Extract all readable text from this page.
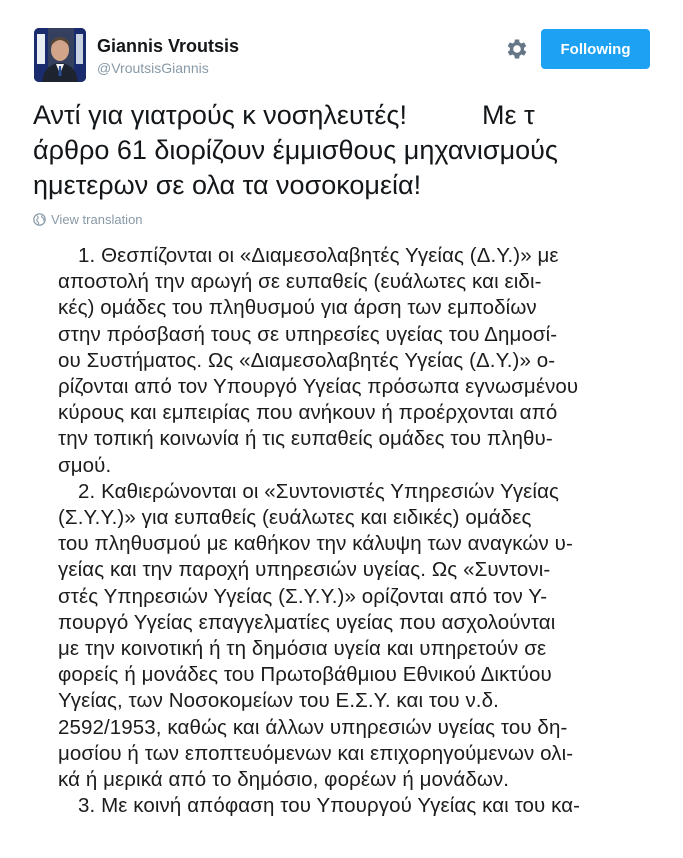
Giannis Vroutsis
@VroutsisGiannis
Following
Αντί για γιατρούς κ νοσηλευτές!          Με τ
άρθρο 61 διορίζουν έμμισθους μηχανισμούς
ημετερων σε ολα τα νοσοκομεία!
View translation

1. Θεσπίζονται οι «Διαμεσολαβητές Υγείας (Δ.Υ.)» με

αποστολή την αρωγή σε ευπαθείς (ευάλωτες και ειδι-

κές) ομάδες του πληθυσμού για άρση των εμποδίων

στην πρόσβασή τους σε υπηρεσίες υγείας του Δημοσί-

ου Συστήματος. Ως «Διαμεσολαβητές Υγείας (Δ.Υ.)» ο-

ρίζονται από τον Υπουργό Υγείας πρόσωπα εγνωσμένου

κύρους και εμπειρίας που ανήκουν ή προέρχονται από

την τοπική κοινωνία ή τις ευπαθείς ομάδες του πληθυ-

σμού.

2. Καθιερώνονται οι «Συντονιστές Υπηρεσιών Υγείας

(Σ.Υ.Υ.)» για ευπαθείς (ευάλωτες και ειδικές) ομάδες

του πληθυσμού με καθήκον την κάλυψη των αναγκών υ-

γείας και την παροχή υπηρεσιών υγείας. Ως «Συντονι-

στές Υπηρεσιών Υγείας (Σ.Υ.Υ.)» ορίζονται από τον Υ-

πουργό Υγείας επαγγελματίες υγείας που ασχολούνται

με την κοινοτική ή τη δημόσια υγεία και υπηρετούν σε

φορείς ή μονάδες του Πρωτοβάθμιου Εθνικού Δικτύου

Υγείας, των Νοσοκομείων του Ε.Σ.Υ. και του ν.δ.

2592/1953, καθώς και άλλων υπηρεσιών υγείας του δη-

μοσίου ή των εποπτευόμενων και επιχορηγούμενων ολι-

κά ή μερικά από το δημόσιο, φορέων ή μονάδων.

3. Με κοινή απόφαση του Υπουργού Υγείας και του κα-
